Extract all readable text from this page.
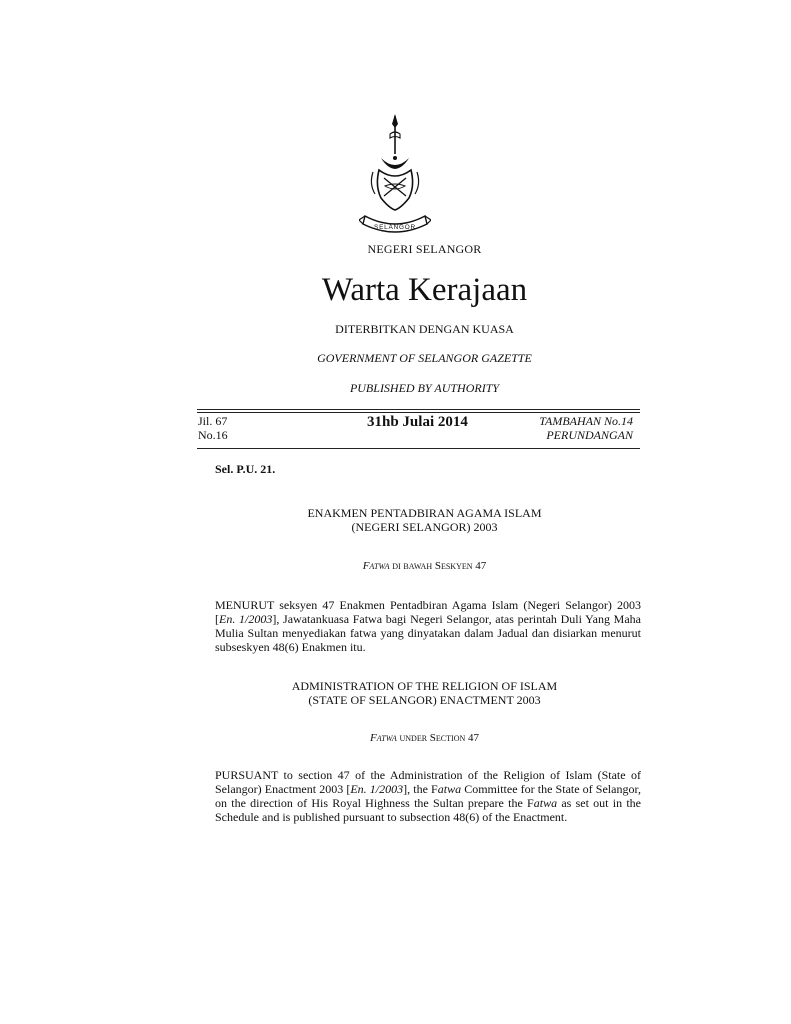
SELANGOR
NEGERI SELANGOR
Warta Kerajaan
DITERBITKAN DENGAN KUASA
GOVERNMENT OF SELANGOR GAZETTE
PUBLISHED BY AUTHORITY
Jil. 67
No.16
31hb Julai 2014	TAMBAHAN No.14
PERUNDANGAN
Sel. P.U. 21.
ENAKMEN PENTADBIRAN AGAMA ISLAM
(NEGERI SELANGOR) 2003
Fatwa di bawah Seskyen 47
MENURUT seksyen 47 Enakmen Pentadbiran Agama Islam (Negeri Selangor) 2003 [En. 1/2003], Jawatankuasa Fatwa bagi Negeri Selangor, atas perintah Duli Yang Maha Mulia Sultan menyediakan fatwa yang dinyatakan dalam Jadual dan disiarkan menurut subseskyen 48(6) Enakmen itu.
ADMINISTRATION OF THE RELIGION OF ISLAM
(STATE OF SELANGOR) ENACTMENT 2003
Fatwa under Section 47
PURSUANT to section 47 of the Administration of the Religion of Islam (State of Selangor) Enactment 2003 [En. 1/2003], the Fatwa Committee for the State of Selangor, on the direction of His Royal Highness the Sultan prepare the Fatwa as set out in the Schedule and is published pursuant to subsection 48(6) of the Enactment.
